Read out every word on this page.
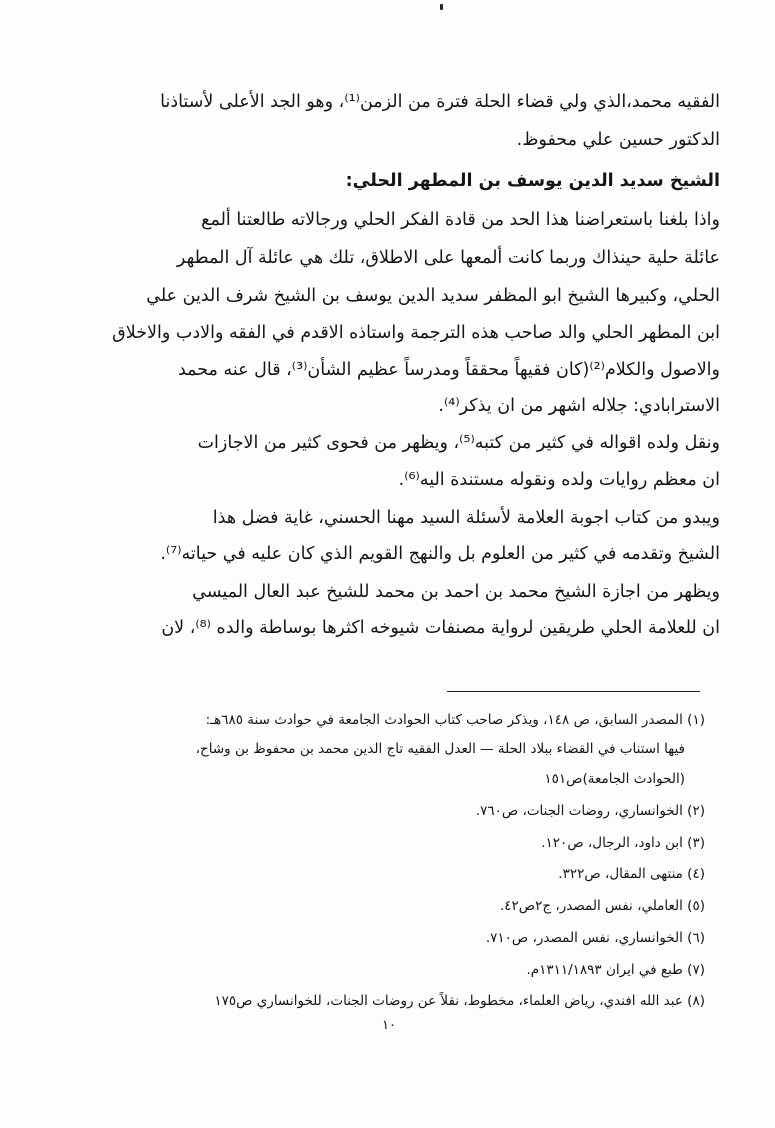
الفقيه محمد،الذي ولي قضاء الحلة فترة من الزمن⁽¹⁾، وهو الجد الأعلى لأستاذنا
الدكتور حسين علي محفوظ.
الشيخ سديد الدين يوسف بن المطهر الحلي:
واذا بلغنا باستعراضنا هذا الحد من قادة الفكر الحلي ورجالاته طالعتنا ألمع
عائلة حلية حينذاك وربما كانت ألمعها على الاطلاق، تلك هي عائلة آل المطهر
الحلي، وكبيرها الشيخ ابو المظفر سديد الدين يوسف بن الشيخ شرف الدين علي
ابن المطهر الحلي والد صاحب هذه الترجمة واستاذه الاقدم في الفقه والادب والاخلاق
والاصول والكلام⁽²⁾(كان فقيهاً محققاً ومدرساً عظيم الشأن⁽³⁾، قال عنه محمد
الاسترابادي: جلاله اشهر من ان يذكر⁽⁴⁾.
ونقل ولده اقواله في كثير من كتبه⁽⁵⁾، ويظهر من فحوى كثير من الاجازات
ان معظم روايات ولده ونقوله مستندة اليه⁽⁶⁾.
ويبدو من كتاب اجوبة العلامة لأسئلة السيد مهنا الحسني، غاية فضل هذا
الشيخ وتقدمه في كثير من العلوم بل والنهج القويم الذي كان عليه في حياته⁽⁷⁾.
ويظهر من اجازة الشيخ محمد بن احمد بن محمد للشيخ عبد العال الميسي
ان للعلامة الحلي طريقين لرواية مصنفات شيوخه اكثرها بوساطة والده ⁽⁸⁾، لان
(١) المصدر السابق، ص ١٤٨، ويذكر صاحب كتاب الحوادث الجامعة في حوادث سنة ٦٨٥هـ:
فيها استناب في القضاء ببلاد الحلة — العدل الفقيه تاج الدين محمد بن محفوظ بن وشاح،
(الحوادث الجامعة)ص١٥١
(٢) الخوانساري، روضات الجنات، ص٧٦٠.
(٣) ابن داود، الرجال، ص١٢٠.
(٤) منتهى المقال، ص٣٢٢.
(٥) العاملي، نفس المصدر، ج٢ص٤٢.
(٦) الخوانساري، نفس المصدر، ص٧١٠.
(٧) طبع في ايران ١٣١١/١٨٩٣م.
(٨) عبد الله افندي، رياض العلماء، مخطوط، نقلاً عن روضات الجنات، للخوانساري ص١٧٥
١٠
